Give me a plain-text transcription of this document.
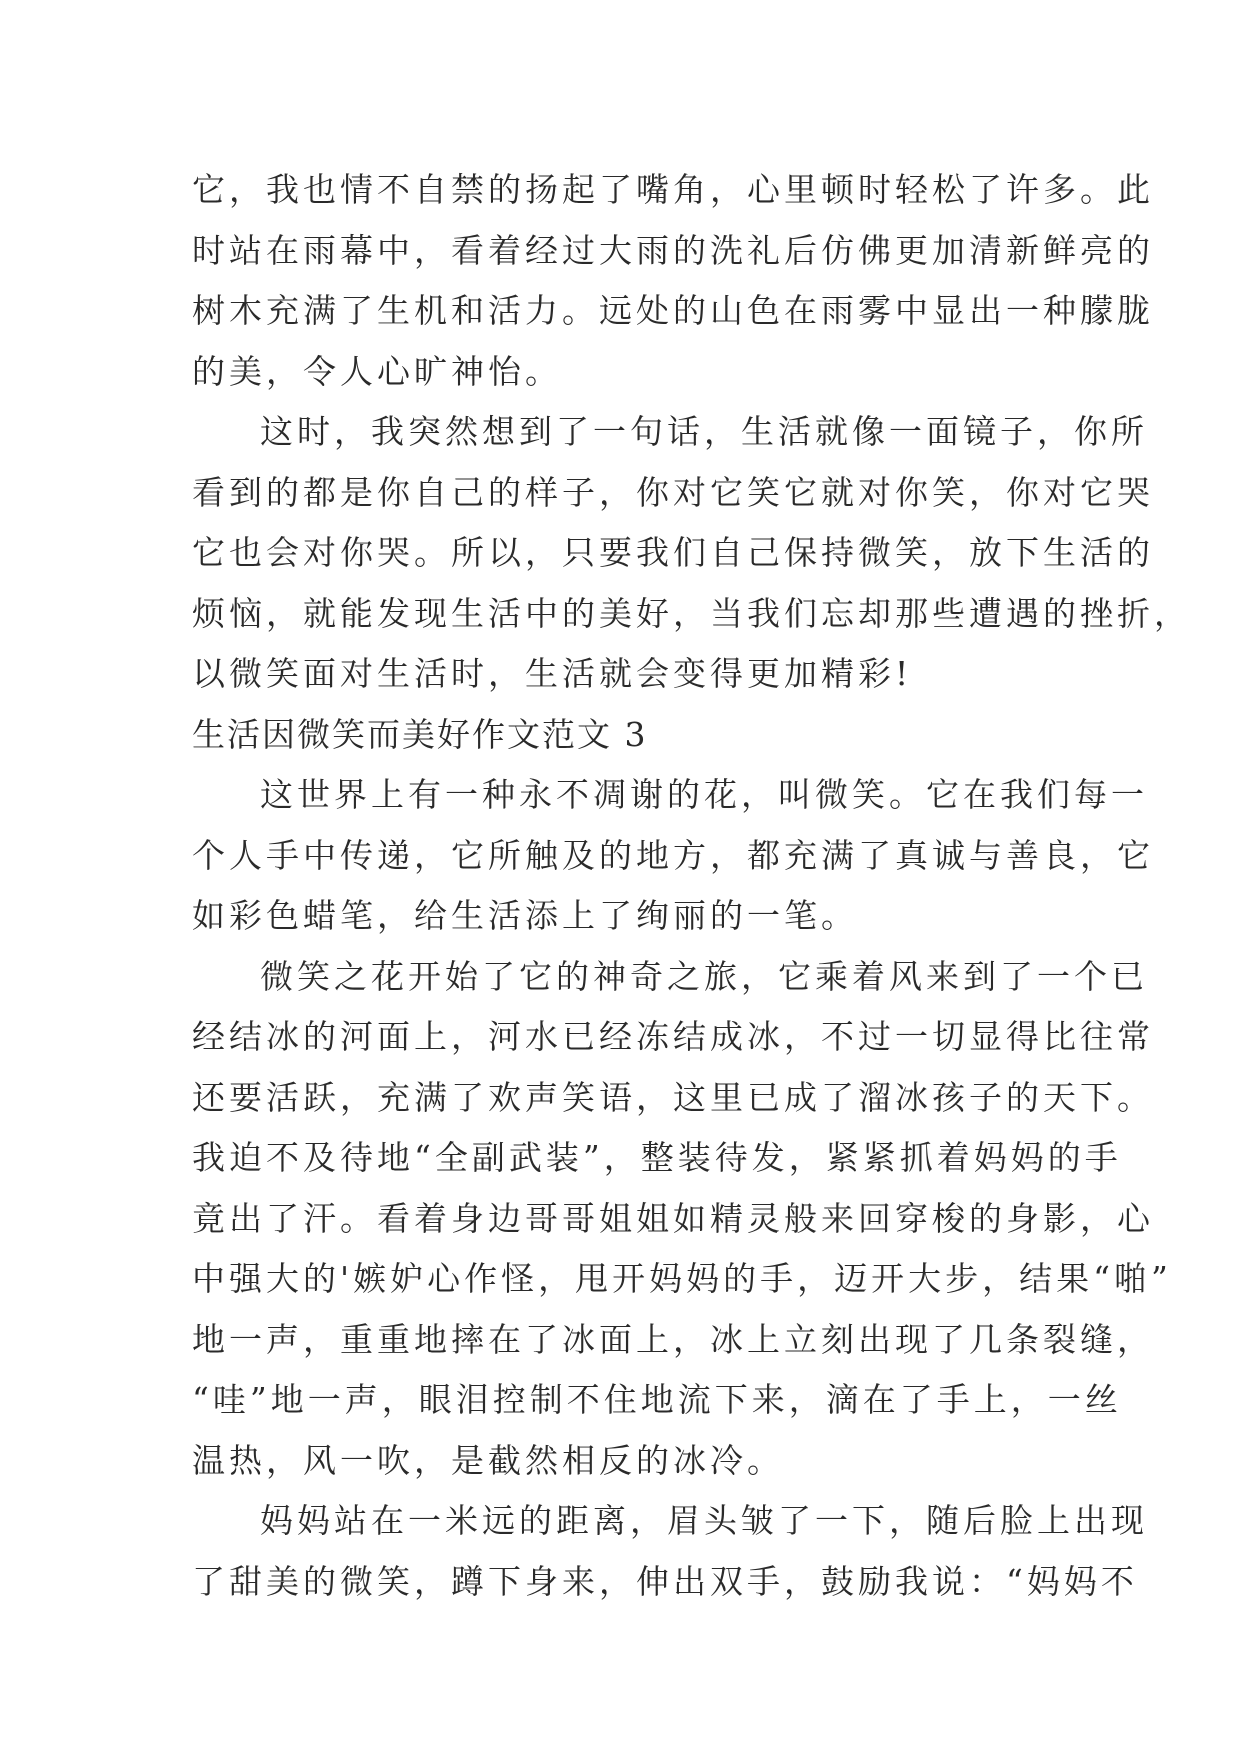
它，我也情不自禁的扬起了嘴角，心里顿时轻松了许多。此
时站在雨幕中，看着经过大雨的洗礼后仿佛更加清新鲜亮的
树木充满了生机和活力。远处的山色在雨雾中显出一种朦胧
的美，令人心旷神怡。
这时，我突然想到了一句话，生活就像一面镜子，你所
看到的都是你自己的样子，你对它笑它就对你笑，你对它哭
它也会对你哭。所以，只要我们自己保持微笑，放下生活的
烦恼，就能发现生活中的美好，当我们忘却那些遭遇的挫折，
以微笑面对生活时，生活就会变得更加精彩!
生活因微笑而美好作文范文 3
这世界上有一种永不凋谢的花，叫微笑。它在我们每一
个人手中传递，它所触及的地方，都充满了真诚与善良，它
如彩色蜡笔，给生活添上了绚丽的一笔。
微笑之花开始了它的神奇之旅，它乘着风来到了一个已
经结冰的河面上，河水已经冻结成冰，不过一切显得比往常
还要活跃，充满了欢声笑语，这里已成了溜冰孩子的天下。
我迫不及待地“全副武装”，整装待发，紧紧抓着妈妈的手
竟出了汗。看着身边哥哥姐姐如精灵般来回穿梭的身影，心
中强大的'嫉妒心作怪，甩开妈妈的手，迈开大步，结果“啪”
地一声，重重地摔在了冰面上，冰上立刻出现了几条裂缝，
“哇”地一声，眼泪控制不住地流下来，滴在了手上，一丝
温热，风一吹，是截然相反的冰冷。
妈妈站在一米远的距离，眉头皱了一下，随后脸上出现
了甜美的微笑，蹲下身来，伸出双手，鼓励我说：“妈妈不
